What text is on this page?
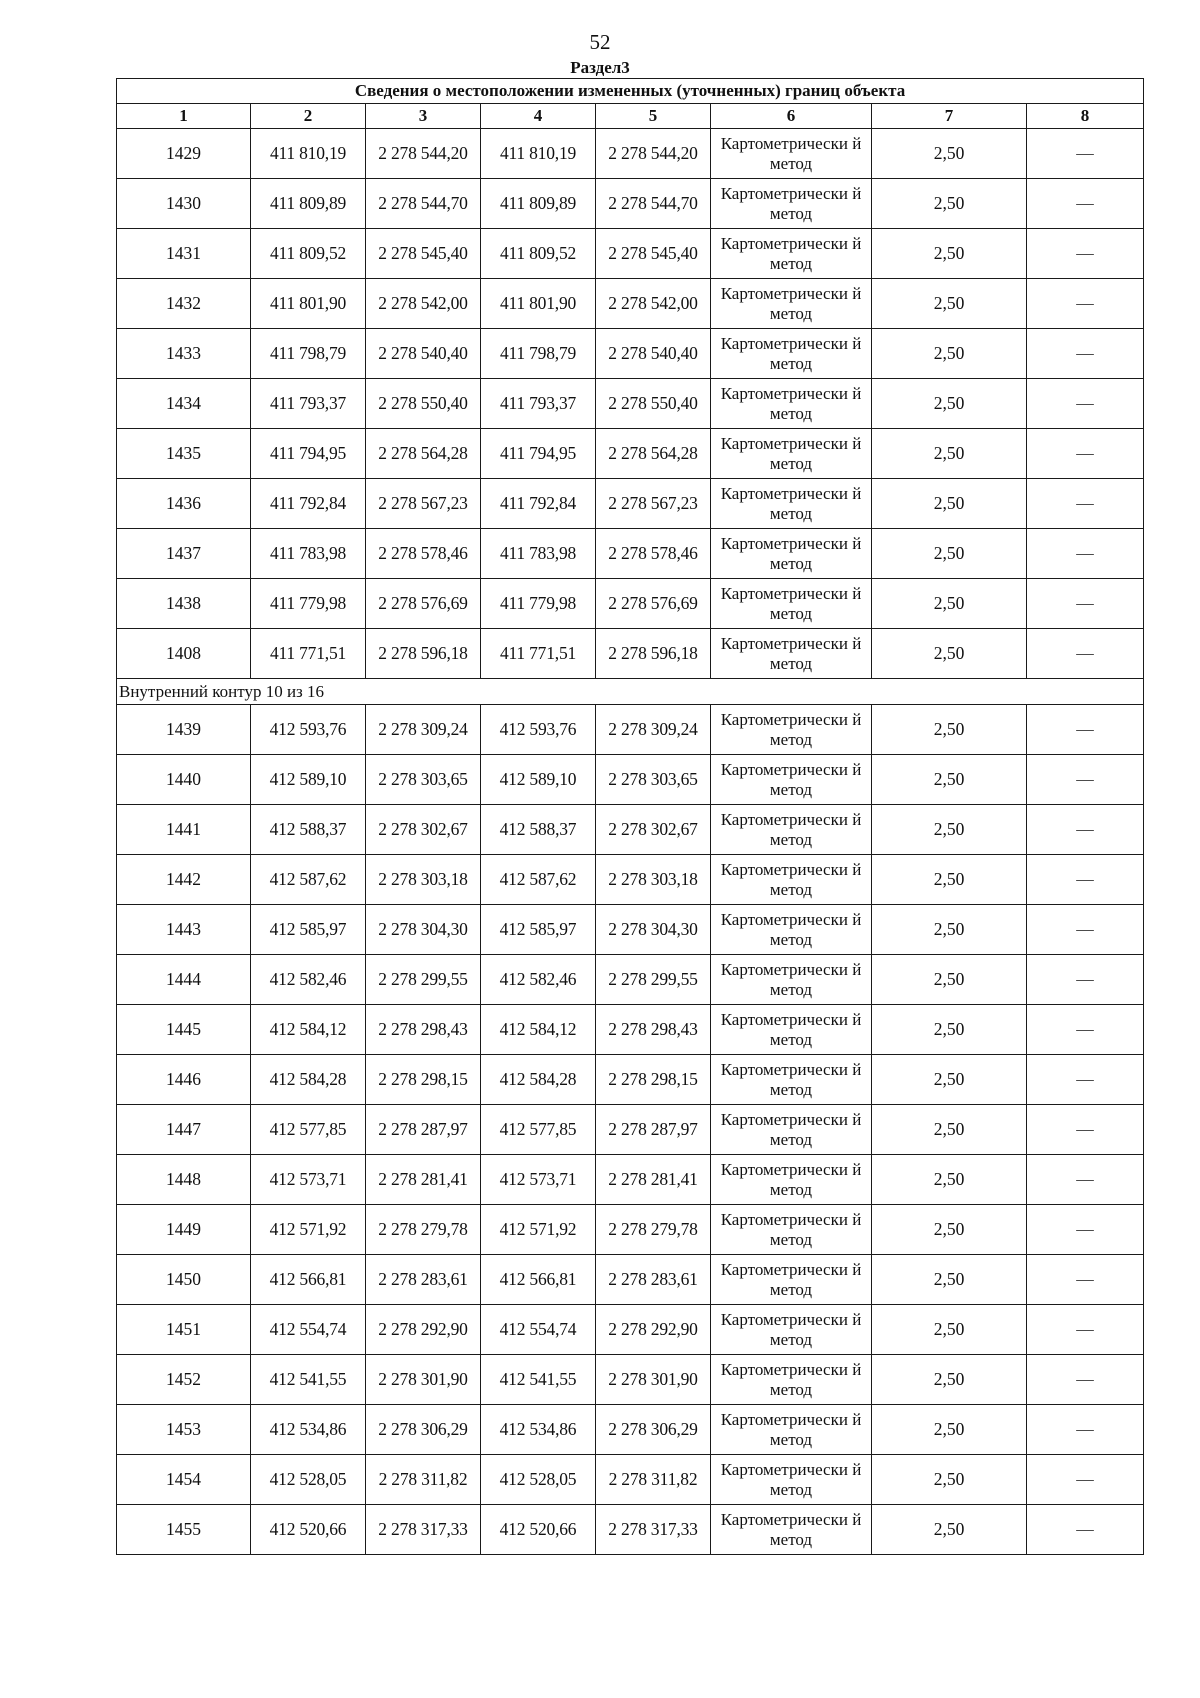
52
Раздел3
Сведения о местоположении измененных (уточненных) границ объекта							
1	2	3	4	5	6	7	8
1429	411 810,19	2 278 544,20	411 810,19	2 278 544,20	Картометрически й метод	2,50	—
1430	411 809,89	2 278 544,70	411 809,89	2 278 544,70	Картометрически й метод	2,50	—
1431	411 809,52	2 278 545,40	411 809,52	2 278 545,40	Картометрически й метод	2,50	—
1432	411 801,90	2 278 542,00	411 801,90	2 278 542,00	Картометрически й метод	2,50	—
1433	411 798,79	2 278 540,40	411 798,79	2 278 540,40	Картометрически й метод	2,50	—
1434	411 793,37	2 278 550,40	411 793,37	2 278 550,40	Картометрически й метод	2,50	—
1435	411 794,95	2 278 564,28	411 794,95	2 278 564,28	Картометрически й метод	2,50	—
1436	411 792,84	2 278 567,23	411 792,84	2 278 567,23	Картометрически й метод	2,50	—
1437	411 783,98	2 278 578,46	411 783,98	2 278 578,46	Картометрически й метод	2,50	—
1438	411 779,98	2 278 576,69	411 779,98	2 278 576,69	Картометрически й метод	2,50	—
1408	411 771,51	2 278 596,18	411 771,51	2 278 596,18	Картометрически й метод	2,50	—
Внутренний контур 10 из 16							
1439	412 593,76	2 278 309,24	412 593,76	2 278 309,24	Картометрически й метод	2,50	—
1440	412 589,10	2 278 303,65	412 589,10	2 278 303,65	Картометрически й метод	2,50	—
1441	412 588,37	2 278 302,67	412 588,37	2 278 302,67	Картометрически й метод	2,50	—
1442	412 587,62	2 278 303,18	412 587,62	2 278 303,18	Картометрически й метод	2,50	—
1443	412 585,97	2 278 304,30	412 585,97	2 278 304,30	Картометрически й метод	2,50	—
1444	412 582,46	2 278 299,55	412 582,46	2 278 299,55	Картометрически й метод	2,50	—
1445	412 584,12	2 278 298,43	412 584,12	2 278 298,43	Картометрически й метод	2,50	—
1446	412 584,28	2 278 298,15	412 584,28	2 278 298,15	Картометрически й метод	2,50	—
1447	412 577,85	2 278 287,97	412 577,85	2 278 287,97	Картометрически й метод	2,50	—
1448	412 573,71	2 278 281,41	412 573,71	2 278 281,41	Картометрически й метод	2,50	—
1449	412 571,92	2 278 279,78	412 571,92	2 278 279,78	Картометрически й метод	2,50	—
1450	412 566,81	2 278 283,61	412 566,81	2 278 283,61	Картометрически й метод	2,50	—
1451	412 554,74	2 278 292,90	412 554,74	2 278 292,90	Картометрически й метод	2,50	—
1452	412 541,55	2 278 301,90	412 541,55	2 278 301,90	Картометрически й метод	2,50	—
1453	412 534,86	2 278 306,29	412 534,86	2 278 306,29	Картометрически й метод	2,50	—
1454	412 528,05	2 278 311,82	412 528,05	2 278 311,82	Картометрически й метод	2,50	—
1455	412 520,66	2 278 317,33	412 520,66	2 278 317,33	Картометрически й метод	2,50	—
